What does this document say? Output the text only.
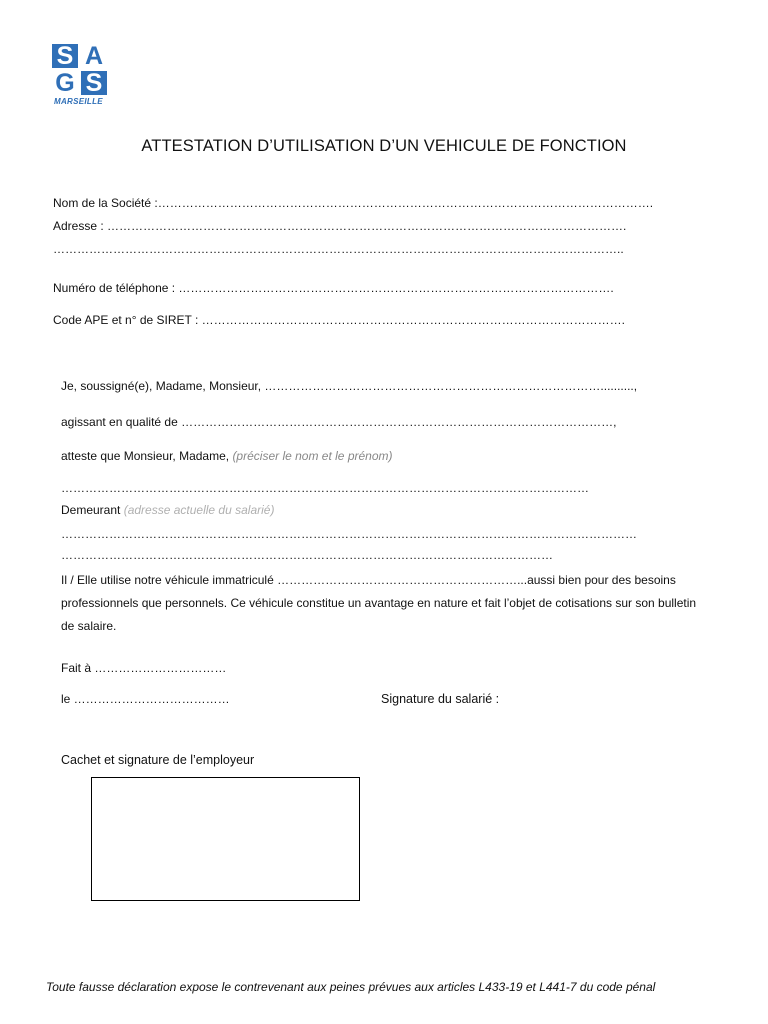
S A
G S
MARSEILLE
ATTESTATION D’UTILISATION D’UN VEHICULE DE FONCTION
Nom de la Société :…………………………………………………………………………………………………………….
Adresse : ………………………………………………………………………………………………………………….
……………………………………………………………………………………………………………………………..
Numéro de téléphone : ……………………………………………………………………………………………….
Code APE et n° de SIRET : …………………………………………………………………………………………….
Je, soussigné(e), Madame, Monsieur, …………………………………………………………………………..........,
agissant en qualité de ………………………………………………………………………………………………,
atteste que Monsieur, Madame, (préciser le nom et le prénom)
……………………………………………………………………………………………………………………
Demeurant (adresse actuelle du salarié)
………………………………………………………………………………………………………………………………
……………………………………………………………………………………………………………
Il / Elle utilise notre véhicule immatriculé ……………………………………………………...aussi bien pour des besoins
professionnels que personnels. Ce véhicule constitue un avantage en nature et fait l’objet de cotisations sur son bulletin
de salaire.
Fait à ……………………………
le …………………………………	Signature du salarié :
Cachet et signature de l’employeur
Toute fausse déclaration expose le contrevenant aux peines prévues aux articles L433-19 et L441-7 du code pénal
